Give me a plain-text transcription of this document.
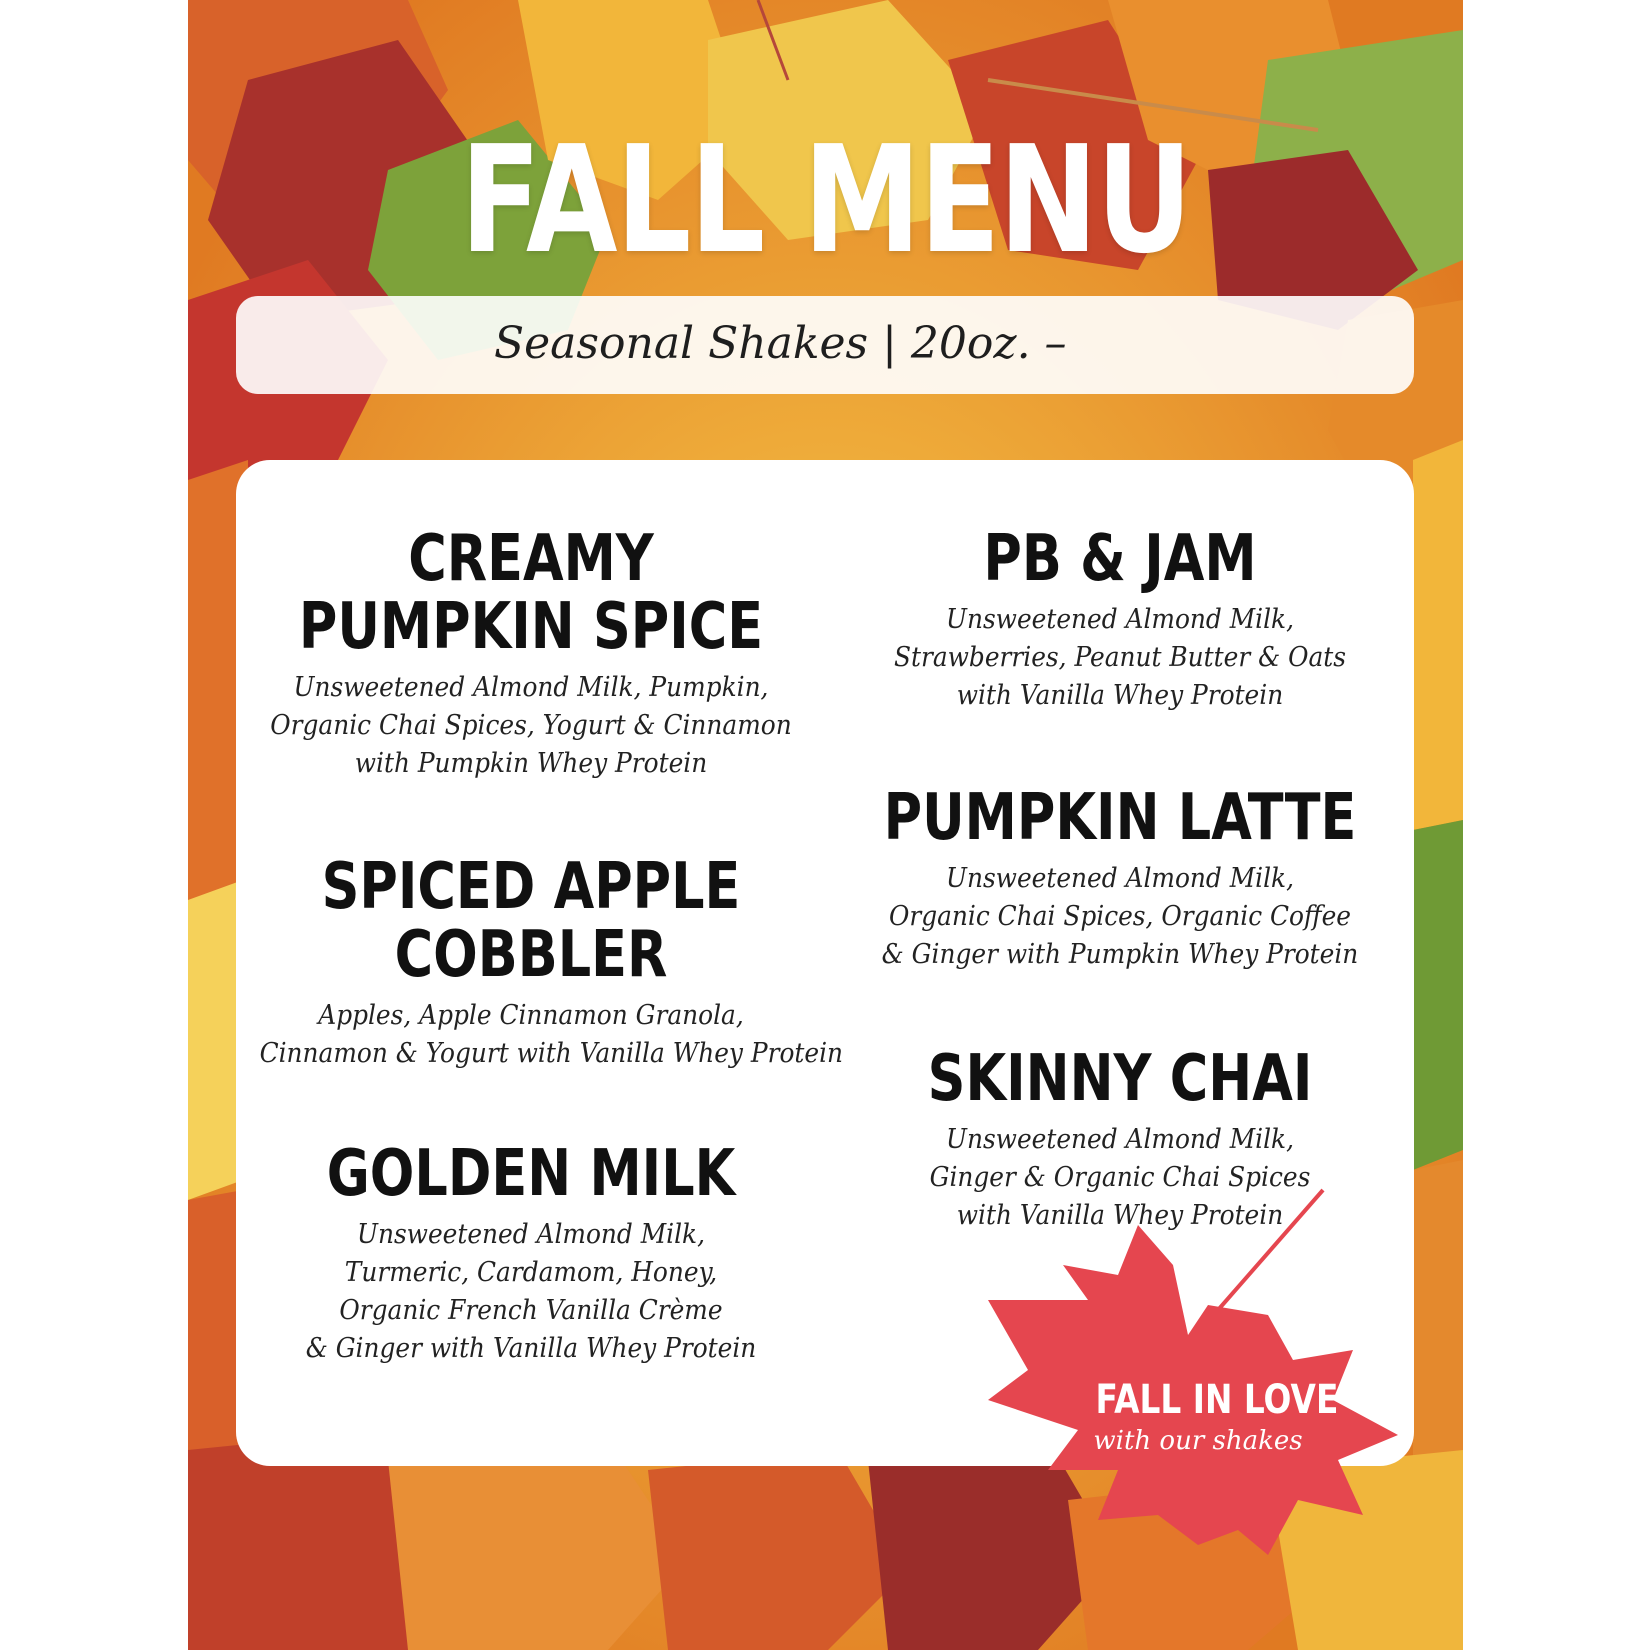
FALL MENU
Seasonal Shakes | 20oz. –
CREAMY
PUMPKIN SPICE
Unsweetened Almond Milk, Pumpkin,
Organic Chai Spices, Yogurt & Cinnamon
with Pumpkin Whey Protein
SPICED APPLE
COBBLER
Apples, Apple Cinnamon Granola,
Cinnamon & Yogurt with Vanilla Whey Protein
GOLDEN MILK
Unsweetened Almond Milk,
Turmeric, Cardamom, Honey,
Organic French Vanilla Crème
& Ginger with Vanilla Whey Protein
PB & JAM
Unsweetened Almond Milk,
Strawberries, Peanut Butter & Oats
with Vanilla Whey Protein
PUMPKIN LATTE
Unsweetened Almond Milk,
Organic Chai Spices, Organic Coffee
& Ginger with Pumpkin Whey Protein
SKINNY CHAI
Unsweetened Almond Milk,
Ginger & Organic Chai Spices
with Vanilla Whey Protein
FALL IN LOVE
with our shakes
